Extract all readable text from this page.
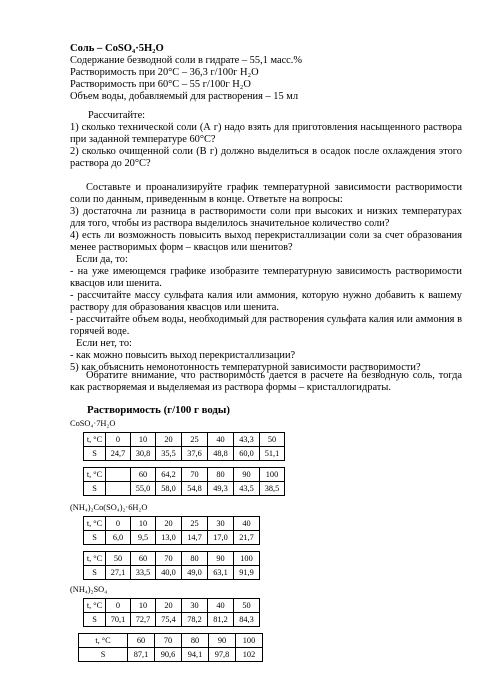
Соль – CoSO₄·5H₂O
Содержание безводной соли в гидрате – 55,1 масс.%
Растворимость при 20°С – 36,3 г/100г H₂O
Растворимость при 60°С – 55 г/100г H₂O
Объем воды, добавляемый для растворения – 15 мл
Рассчитайте:
1) сколько технической соли (А г) надо взять для приготовления насыщенного раствора при заданной температуре 60°С?
2) сколько очищенной соли (В г) должно выделиться в осадок после охлаждения этого раствора до 20°С?
Составьте и проанализируйте график температурной зависимости растворимости соли по данным, приведенным в конце. Ответьте на вопросы:
3) достаточна ли разница в растворимости соли при высоких и низких температурах для того, чтобы из раствора выделилось значительное количество соли?
4) есть ли возможность повысить выход перекристаллизации соли за счет образования менее растворимых форм – квасцов или шенитов?
Если да, то:
- на уже имеющемся графике изобразите температурную зависимость растворимости квасцов или шенита.
- рассчитайте массу сульфата калия или аммония, которую нужно добавить к вашему раствору для образования квасцов или шенита.
- рассчитайте объем воды, необходимый для растворения сульфата калия или аммония в горячей воде.
Если нет, то:
- как можно повысить выход перекристаллизации?
5) как объяснить немонотонность температурной зависимости растворимости?
Обратите внимание, что растворимость дается в расчете на безводную соль, тогда как растворяемая и выделяемая из раствора формы – кристаллогидраты.
Растворимость (г/100 г воды)
CoSO₄·7H₂O
t, °C	0	10	20	25	40	43,3	50
S	24,7	30,8	35,5	37,6	48,8	60,0	51,1
t, °C		60	64,2	70	80	90	100
S		55,0	58,0	54,8	49,3	43,5	38,5
(NH₄)₂Co(SO₄)₂·6H₂O
t, °C	0	10	20	25	30	40
S	6,0	9,5	13,0	14,7	17,0	21,7
t, °C	50	60	70	80	90	100
S	27,1	33,5	40,0	49,0	63,1	91,9
(NH₄)₂SO₄
t, °C	0	10	20	30	40	50
S	70,1	72,7	75,4	78,2	81,2	84,3
t, °C	60	70	80	90	100
S	87,1	90,6	94,1	97,8	102
